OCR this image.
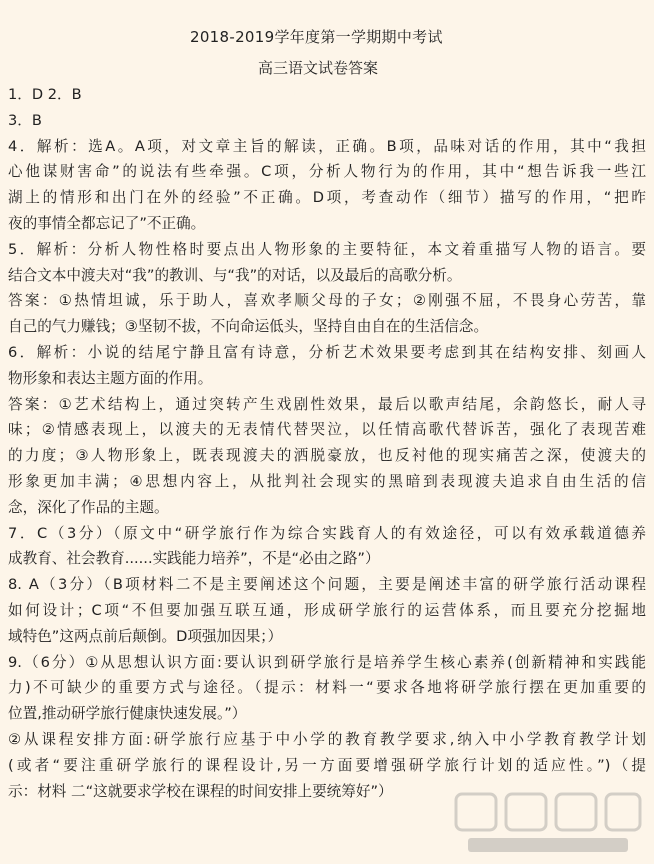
2018-2019学年度第一学期期中考试
高三语文试卷答案
1．D 2．B
3．B
4．解析：选A。A项，对文章主旨的解读，正确。B项，品味对话的作用，其中“我担
心他谋财害命”的说法有些牵强。C项，分析人物行为的作用，其中“想告诉我一些江
湖上的情形和出门在外的经验”不正确。D项，考查动作（细节）描写的作用，“把昨
夜的事情全都忘记了”不正确。
5．解析：分析人物性格时要点出人物形象的主要特征，本文着重描写人物的语言。要
结合文本中渡夫对“我”的教训、与“我”的对话，以及最后的高歌分析。
答案：①热情坦诚，乐于助人，喜欢孝顺父母的子女；②刚强不屈，不畏身心劳苦，靠
自己的气力赚钱；③坚韧不拔，不向命运低头，坚持自由自在的生活信念。
6．解析：小说的结尾宁静且富有诗意，分析艺术效果要考虑到其在结构安排、刻画人
物形象和表达主题方面的作用。
答案：①艺术结构上，通过突转产生戏剧性效果，最后以歌声结尾，余韵悠长，耐人寻
味；②情感表现上，以渡夫的无表情代替哭泣，以任情高歌代替诉苦，强化了表现苦难
的力度；③人物形象上，既表现渡夫的洒脱豪放，也反衬他的现实痛苦之深，使渡夫的
形象更加丰满；④思想内容上，从批判社会现实的黑暗到表现渡夫追求自由生活的信
念，深化了作品的主题。
7．C（3分）（原文中“研学旅行作为综合实践育人的有效途径，可以有效承载道德养
成教育、社会教育......实践能力培养”，不是“必由之路”）
8. A（3分）（B项材料二不是主要阐述这个问题，主要是阐述丰富的研学旅行活动课程
如何设计；C项“不但要加强互联互通，形成研学旅行的运营体系，而且要充分挖掘地
域特色”这两点前后颠倒。D项强加因果；）
9.（6分）①从思想认识方面:要认识到研学旅行是培养学生核心素养(创新精神和实践能
力)不可缺少的重要方式与途径。（提示：材料一“要求各地将研学旅行摆在更加重要的
位置,推动研学旅行健康快速发展。”）
②从课程安排方面:研学旅行应基于中小学的教育教学要求,纳入中小学教育教学计划
(或者“要注重研学旅行的课程设计,另一方面要增强研学旅行计划的适应性。”)（提
示：材料 二“这就要求学校在课程的时间安排上要统筹好”）
